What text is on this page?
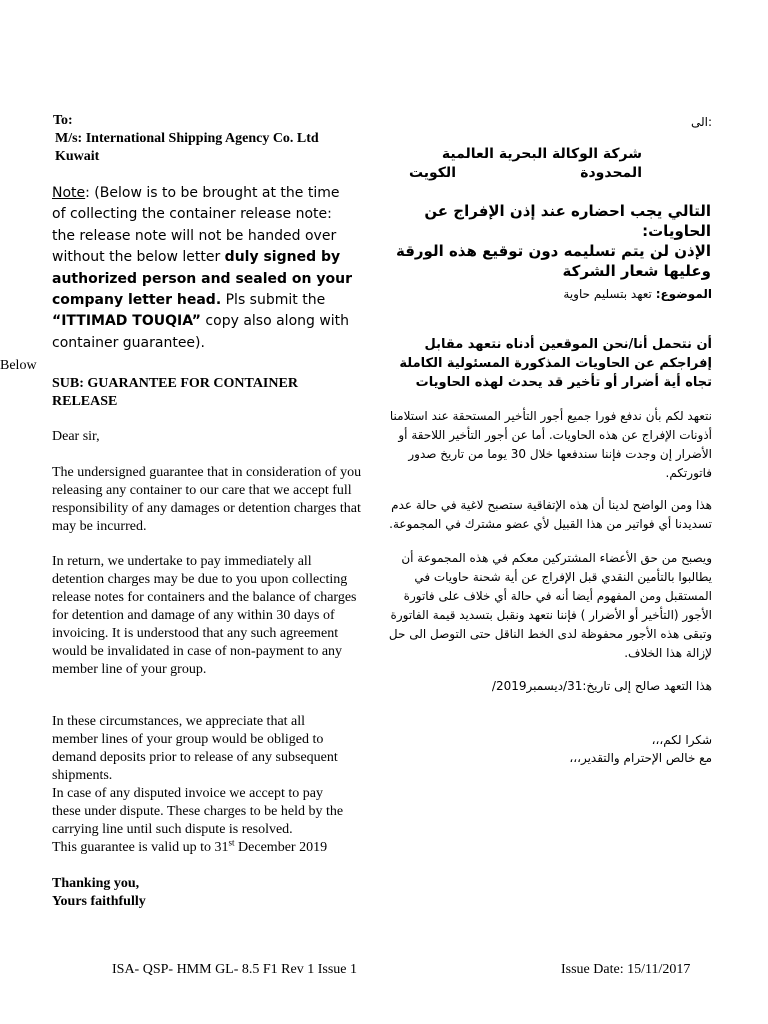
To:
M/s: International Shipping Agency Co. Ltd
Kuwait
Note: (Below is to be brought at the time of collecting the container release note: the release note will not be handed over without the below letter duly signed by authorized person and sealed on your company letter head. Pls submit the “ITTIMAD TOUQIA” copy also along with container guarantee).
Below
SUB: GUARANTEE FOR CONTAINER RELEASE
Dear sir,
The undersigned guarantee that in consideration of you releasing any container to our care that we accept full responsibility of any damages or detention charges that may be incurred.
In return, we undertake to pay immediately all detention charges may be due to you upon collecting release notes for containers and the balance of charges for detention and damage of any within 30 days of invoicing. It is understood that any such agreement would be invalidated in case of non-payment to any member line of your group.
In these circumstances, we appreciate that all member lines of your group would be obliged to demand deposits prior to release of any subsequent shipments.
In case of any disputed invoice we accept to pay these under dispute. These charges to be held by the carrying line until such dispute is resolved.
This guarantee is valid up to 31st December 2019
Thanking you,
Yours faithfully
:الى
شركة الوكالة البحرية العالمية المحدودة
الكويت

التالي يجب احضاره عند إذن الإفراج عن الحاويات:

الإذن لن يتم تسليمه دون توقيع هذه الورقة وعليها شعار الشركة

الموضوع: تعهد بتسليم حاوية
أن نتحمل أنا/نحن الموقعين أدناه نتعهد مقابل إفراجكم عن الحاويات المذكورة المسئولية الكاملة تجاه أية أضرار أو تأخير قد يحدث لهذه الحاويات
نتعهد لكم بأن ندفع فورا جميع أجور التأخير المستحقة عند استلامنا أذونات الإفراج عن هذه الحاويات. أما عن أجور التأخير اللاحقة أو الأضرار إن وجدت فإننا سندفعها خلال 30 يوما من تاريخ صدور فاتورتكم.
هذا ومن الواضح لدينا أن هذه الإتفاقية ستصبح لاغية في حالة عدم تسديدنا أي فواتير من هذا القبيل لأي عضو مشترك في المجموعة.
ويصبح من حق الأعضاء المشتركين معكم في هذه المجموعة أن يطالبوا بالتأمين النقدي قبل الإفراج عن أية شحنة حاويات في المستقبل ومن المفهوم أيضا أنه في حالة أي خلاف على فاتورة الأجور (التأخير أو الأضرار ) فإننا نتعهد ونقبل بتسديد قيمة الفاتورة وتبقى هذه الأجور محفوظة لدى الخط الناقل حتى التوصل الى حل لإزالة هذا الخلاف.
هذا التعهد صالح إلى تاريخ:31/ديسمبر2019/
شكرا لكم،،،
مع خالص الإحترام والتقدير،،،
ISA- QSP- HMM GL- 8.5 F1 Rev 1 Issue 1	Issue Date: 15/11/2017
